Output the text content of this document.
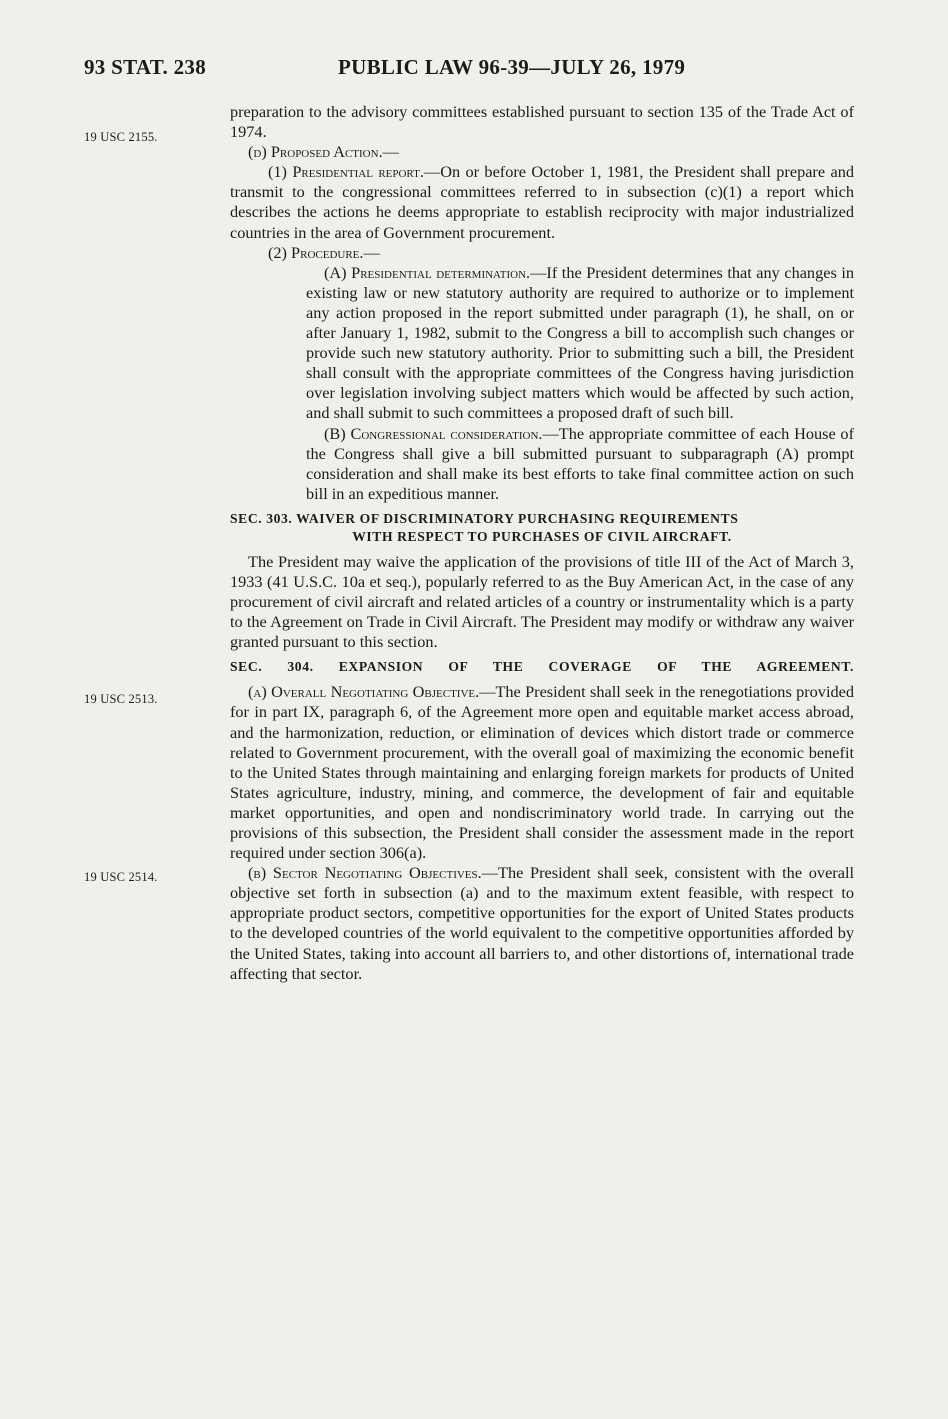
93 STAT. 238	PUBLIC LAW 96-39—JULY 26, 1979
19 USC 2155.
19 USC 2513.
19 USC 2514.

preparation to the advisory committees established pursuant to section 135 of the Trade Act of 1974.

(d) Proposed Action.—

(1) Presidential report.—On or before October 1, 1981, the President shall prepare and transmit to the congressional committees referred to in subsection (c)(1) a report which describes the actions he deems appropriate to establish reciprocity with major industrialized countries in the area of Government procurement.

(2) Procedure.—

(A) Presidential determination.—If the President determines that any changes in existing law or new statutory authority are required to authorize or to implement any action proposed in the report submitted under paragraph (1), he shall, on or after January 1, 1982, submit to the Congress a bill to accomplish such changes or provide such new statutory authority. Prior to submitting such a bill, the President shall consult with the appropriate committees of the Congress having jurisdiction over legislation involving subject matters which would be affected by such action, and shall submit to such committees a proposed draft of such bill.

(B) Congressional consideration.—The appropriate committee of each House of the Congress shall give a bill submitted pursuant to subparagraph (A) prompt consideration and shall make its best efforts to take final committee action on such bill in an expeditious manner.

SEC. 303. WAIVER OF DISCRIMINATORY PURCHASING REQUIREMENTS
WITH RESPECT TO PURCHASES OF CIVIL AIRCRAFT.

The President may waive the application of the provisions of title III of the Act of March 3, 1933 (41 U.S.C. 10a et seq.), popularly referred to as the Buy American Act, in the case of any procurement of civil aircraft and related articles of a country or instrumentality which is a party to the Agreement on Trade in Civil Aircraft. The President may modify or withdraw any waiver granted pursuant to this section.

SEC. 304. EXPANSION OF THE COVERAGE OF THE AGREEMENT.

(a) Overall Negotiating Objective.—The President shall seek in the renegotiations provided for in part IX, paragraph 6, of the Agreement more open and equitable market access abroad, and the harmonization, reduction, or elimination of devices which distort trade or commerce related to Government procurement, with the overall goal of maximizing the economic benefit to the United States through maintaining and enlarging foreign markets for products of United States agriculture, industry, mining, and commerce, the development of fair and equitable market opportunities, and open and nondiscriminatory world trade. In carrying out the provisions of this subsection, the President shall consider the assessment made in the report required under section 306(a).

(b) Sector Negotiating Objectives.—The President shall seek, consistent with the overall objective set forth in subsection (a) and to the maximum extent feasible, with respect to appropriate product sectors, competitive opportunities for the export of United States products to the developed countries of the world equivalent to the competitive opportunities afforded by the United States, taking into account all barriers to, and other distortions of, international trade affecting that sector.
